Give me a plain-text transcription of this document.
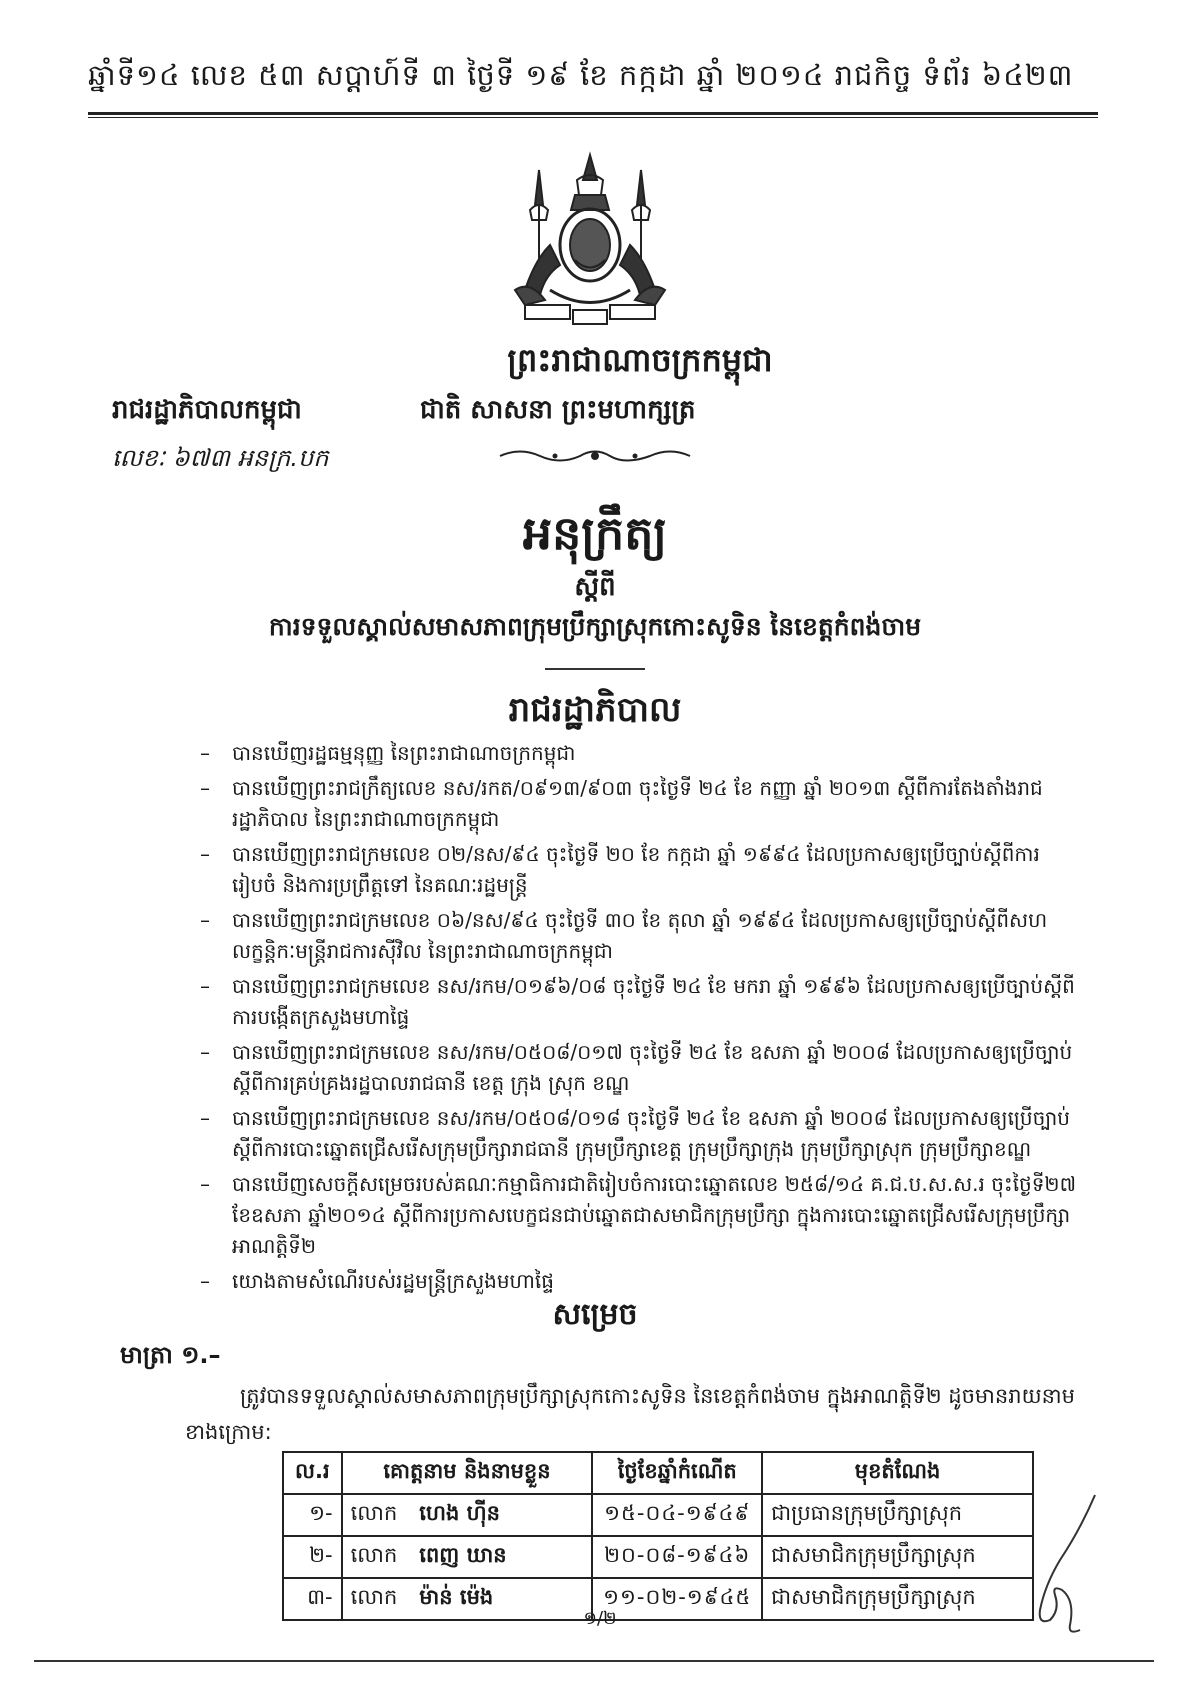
ឆ្នាំទី១៤ លេខ ៥៣ សប្ដាហ៍ទី ៣ ថ្ងៃទី ១៩ ខែ កក្កដា ឆ្នាំ ២០១៤ រាជកិច្ច ទំព័រ ៦៤២៣
ព្រះរាជាណាចក្រកម្ពុជា
រាជរដ្ឋាភិបាលកម្ពុជា	ជាតិ សាសនា ព្រះមហាក្សត្រ
លេខៈ ៦៧៣ អនក្រ.បក
អនុក្រឹត្យ
ស្ដីពី
ការទទួលស្គាល់សមាសភាពក្រុមប្រឹក្សាស្រុកកោះសូទិន នៃខេត្តកំពង់ចាម
រាជរដ្ឋាភិបាល
– បានឃើញរដ្ឋធម្មនុញ្ញ នៃព្រះរាជាណាចក្រកម្ពុជា
– បានឃើញព្រះរាជក្រឹត្យលេខ នស/រកត/០៩១៣/៩០៣ ចុះថ្ងៃទី ២៤ ខែ កញ្ញា ឆ្នាំ ២០១៣ ស្ដីពីការតែងតាំងរាជរដ្ឋាភិបាល នៃព្រះរាជាណាចក្រកម្ពុជា
– បានឃើញព្រះរាជក្រមលេខ ០២/នស/៩៤ ចុះថ្ងៃទី ២០ ខែ កក្កដា ឆ្នាំ ១៩៩៤ ដែលប្រកាសឲ្យប្រើច្បាប់ស្ដីពីការរៀបចំ និងការប្រព្រឹត្តទៅ នៃគណៈរដ្ឋមន្ត្រី
– បានឃើញព្រះរាជក្រមលេខ ០៦/នស/៩៤ ចុះថ្ងៃទី ៣០ ខែ តុលា ឆ្នាំ ១៩៩៤ ដែលប្រកាសឲ្យប្រើច្បាប់ស្ដីពីសហលក្ខន្តិកៈមន្ត្រីរាជការស៊ីវិល នៃព្រះរាជាណាចក្រកម្ពុជា
– បានឃើញព្រះរាជក្រមលេខ នស/រកម/០១៩៦/០៨ ចុះថ្ងៃទី ២៤ ខែ មករា ឆ្នាំ ១៩៩៦ ដែលប្រកាសឲ្យប្រើច្បាប់ស្ដីពីការបង្កើតក្រសួងមហាផ្ទៃ
– បានឃើញព្រះរាជក្រមលេខ នស/រកម/០៥០៨/០១៧ ចុះថ្ងៃទី ២៤ ខែ ឧសភា ឆ្នាំ ២០០៨ ដែលប្រកាសឲ្យប្រើច្បាប់ស្ដីពីការគ្រប់គ្រងរដ្ឋបាលរាជធានី ខេត្ត ក្រុង ស្រុក ខណ្ឌ
– បានឃើញព្រះរាជក្រមលេខ នស/រកម/០៥០៨/០១៨ ចុះថ្ងៃទី ២៤ ខែ ឧសភា ឆ្នាំ ២០០៨ ដែលប្រកាសឲ្យប្រើច្បាប់ស្ដីពីការបោះឆ្នោតជ្រើសរើសក្រុមប្រឹក្សារាជធានី ក្រុមប្រឹក្សាខេត្ត ក្រុមប្រឹក្សាក្រុង ក្រុមប្រឹក្សាស្រុក ក្រុមប្រឹក្សាខណ្ឌ
– បានឃើញសេចក្ដីសម្រេចរបស់គណៈកម្មាធិការជាតិរៀបចំការបោះឆ្នោតលេខ ២៥៨/១៤ គ.ជ.ប.ស.ស.រ ចុះថ្ងៃទី២៧ ខែឧសភា ឆ្នាំ២០១៤ ស្ដីពីការប្រកាសបេក្ខជនជាប់ឆ្នោតជាសមាជិកក្រុមប្រឹក្សា ក្នុងការបោះឆ្នោតជ្រើសរើសក្រុមប្រឹក្សា អាណត្តិទី២
– យោងតាមសំណើរបស់រដ្ឋមន្ត្រីក្រសួងមហាផ្ទៃ
សម្រេច
មាត្រា ១.–
ត្រូវបានទទួលស្គាល់សមាសភាពក្រុមប្រឹក្សាស្រុកកោះសូទិន នៃខេត្តកំពង់ចាម ក្នុងអាណត្តិទី២ ដូចមានរាយនាមខាងក្រោម:
ល.រ	គោត្តនាម និងនាមខ្លួន	ថ្ងៃខែឆ្នាំកំណើត	មុខតំណែង
១-	លោក ហេង ហ៊ីន	១៥-០៤-១៩៤៩	ជាប្រធានក្រុមប្រឹក្សាស្រុក
២-	លោក ពេញ ឃាន	២០-០៨-១៩៤៦	ជាសមាជិកក្រុមប្រឹក្សាស្រុក
៣-	លោក ម៉ាន់ ម៉េង	១១-០២-១៩៤៥	ជាសមាជិកក្រុមប្រឹក្សាស្រុក
១/២
